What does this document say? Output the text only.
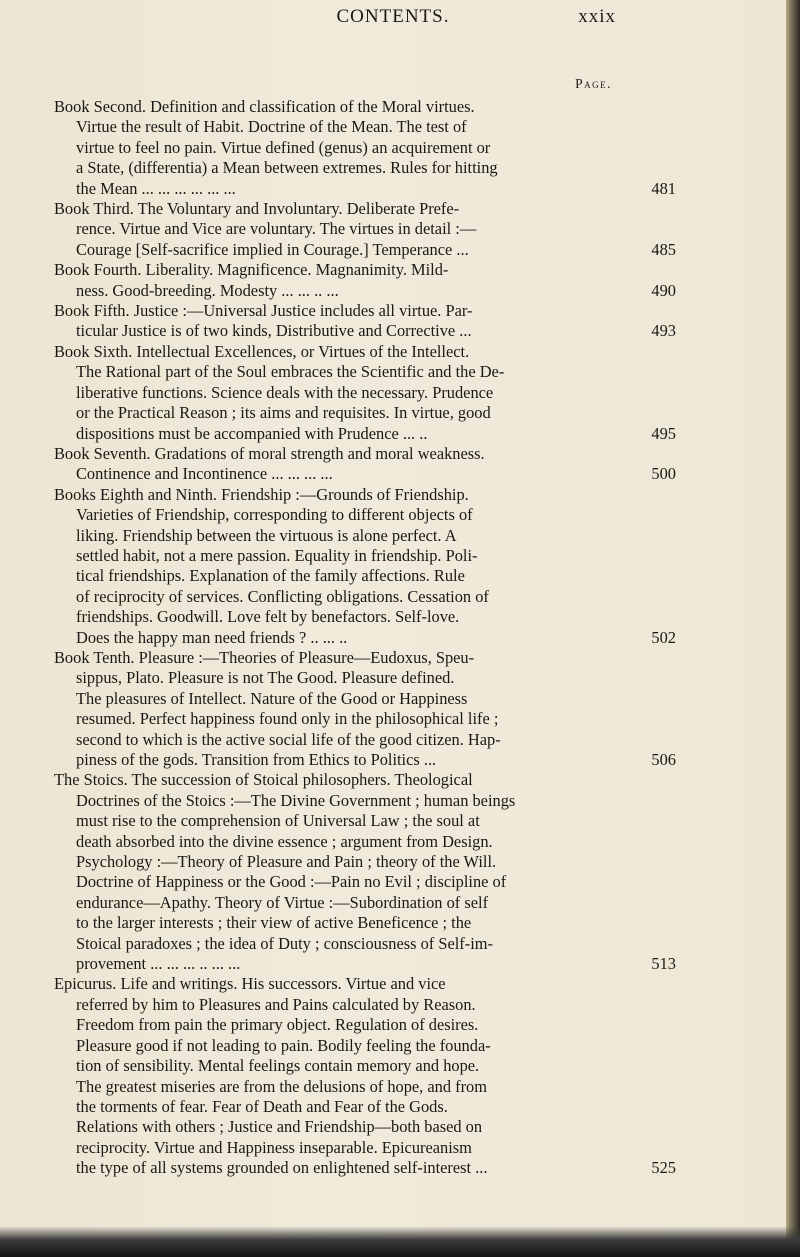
CONTENTS.	xxix
Page.
Book Second. Definition and classification of the Moral virtues.
Virtue the result of Habit. Doctrine of the Mean. The test of
virtue to feel no pain. Virtue defined (genus) an acquirement or
a State, (differentia) a Mean between extremes. Rules for hitting
the Mean ... ... ... ... ... ...	481
Book Third. The Voluntary and Involuntary. Deliberate Prefe-
rence. Virtue and Vice are voluntary. The virtues in detail :—
Courage [Self-sacrifice implied in Courage.] Temperance ...	485
Book Fourth. Liberality. Magnificence. Magnanimity. Mild-
ness. Good-breeding. Modesty ... ... .. ...	490
Book Fifth. Justice :—Universal Justice includes all virtue. Par-
ticular Justice is of two kinds, Distributive and Corrective ...	493
Book Sixth. Intellectual Excellences, or Virtues of the Intellect.
The Rational part of the Soul embraces the Scientific and the De-
liberative functions. Science deals with the necessary. Prudence
or the Practical Reason ; its aims and requisites. In virtue, good
dispositions must be accompanied with Prudence ... ..	495
Book Seventh. Gradations of moral strength and moral weakness.
Continence and Incontinence ... ... ... ...	500
Books Eighth and Ninth. Friendship :—Grounds of Friendship.
Varieties of Friendship, corresponding to different objects of
liking. Friendship between the virtuous is alone perfect. A
settled habit, not a mere passion. Equality in friendship. Poli-
tical friendships. Explanation of the family affections. Rule
of reciprocity of services. Conflicting obligations. Cessation of
friendships. Goodwill. Love felt by benefactors. Self-love.
Does the happy man need friends ? .. ... ..	502
Book Tenth. Pleasure :—Theories of Pleasure—Eudoxus, Speu-
sippus, Plato. Pleasure is not The Good. Pleasure defined.
The pleasures of Intellect. Nature of the Good or Happiness
resumed. Perfect happiness found only in the philosophical life ;
second to which is the active social life of the good citizen. Hap-
piness of the gods. Transition from Ethics to Politics ...	506
The Stoics. The succession of Stoical philosophers. Theological
Doctrines of the Stoics :—The Divine Government ; human beings
must rise to the comprehension of Universal Law ; the soul at
death absorbed into the divine essence ; argument from Design.
Psychology :—Theory of Pleasure and Pain ; theory of the Will.
Doctrine of Happiness or the Good :—Pain no Evil ; discipline of
endurance—Apathy. Theory of Virtue :—Subordination of self
to the larger interests ; their view of active Beneficence ; the
Stoical paradoxes ; the idea of Duty ; consciousness of Self-im-
provement ... ... ... .. ... ...	513
Epicurus. Life and writings. His successors. Virtue and vice
referred by him to Pleasures and Pains calculated by Reason.
Freedom from pain the primary object. Regulation of desires.
Pleasure good if not leading to pain. Bodily feeling the founda-
tion of sensibility. Mental feelings contain memory and hope.
The greatest miseries are from the delusions of hope, and from
the torments of fear. Fear of Death and Fear of the Gods.
Relations with others ; Justice and Friendship—both based on
reciprocity. Virtue and Happiness inseparable. Epicureanism
the type of all systems grounded on enlightened self-interest ...	525
